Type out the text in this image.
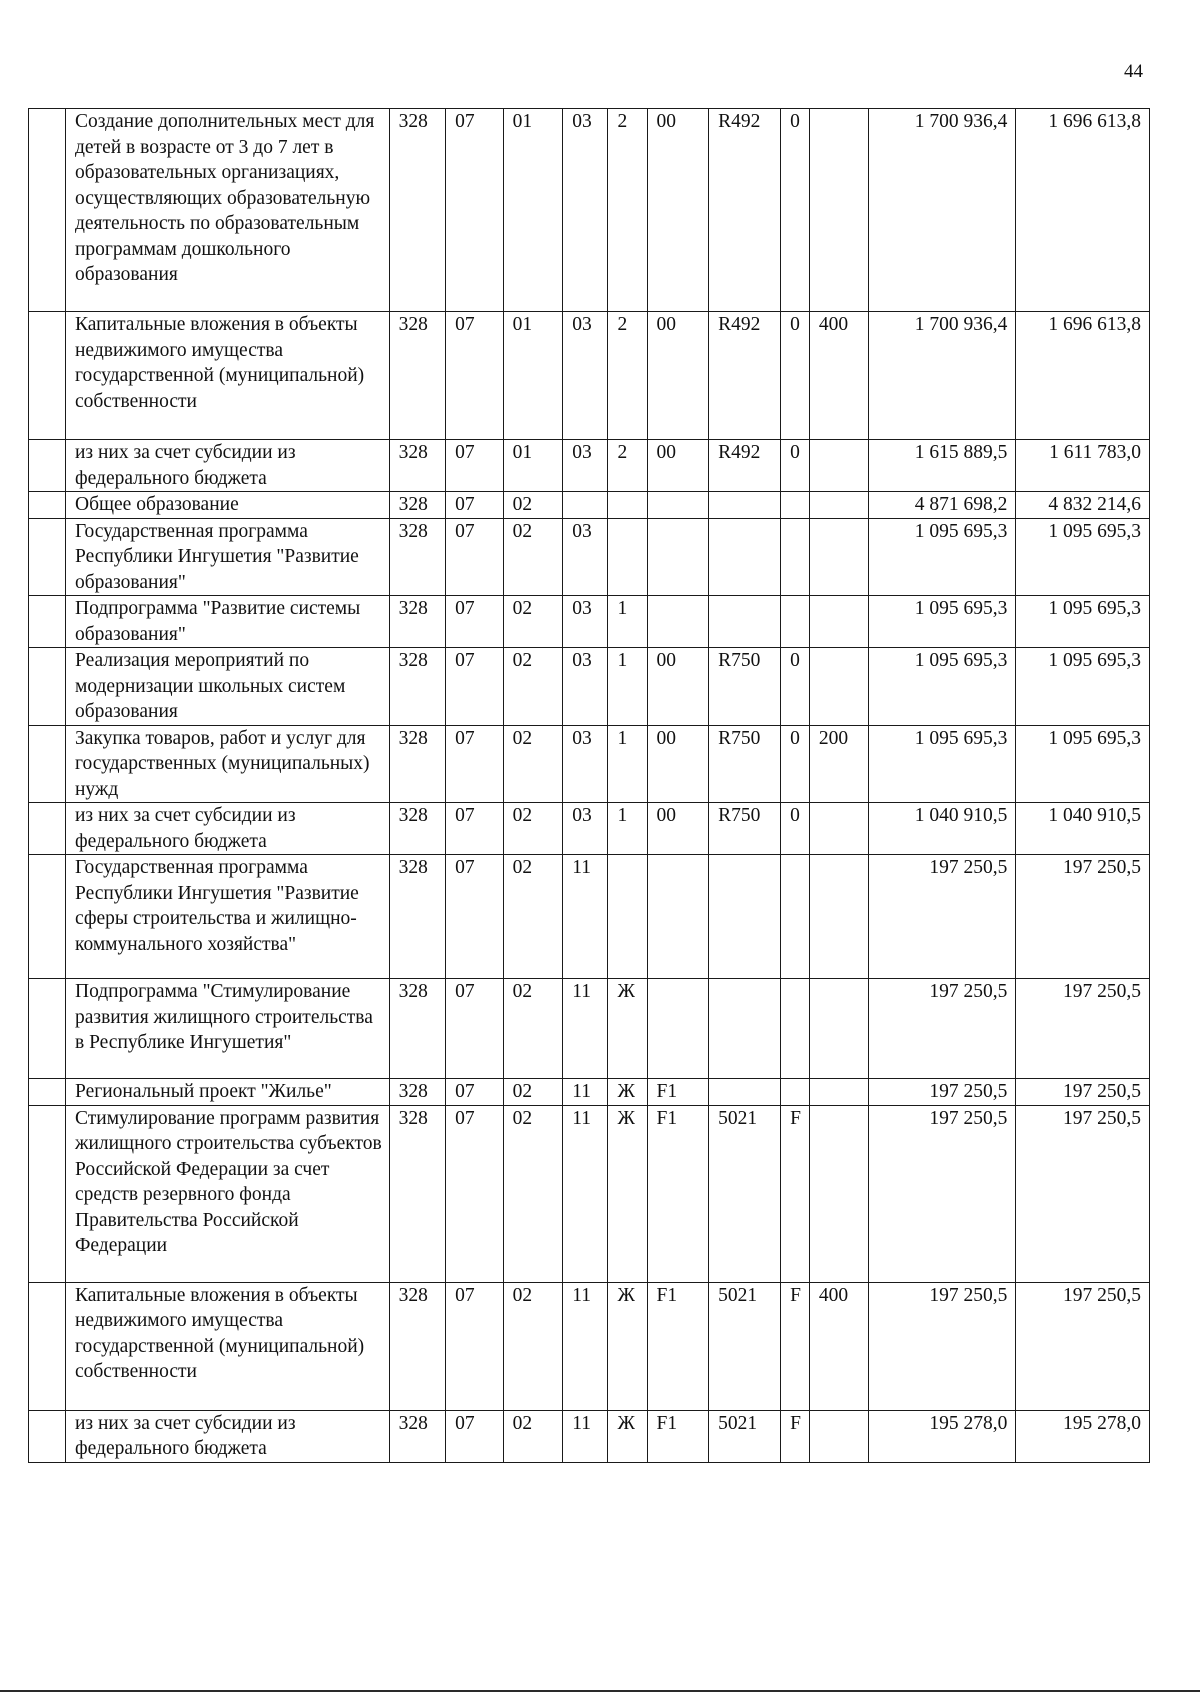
44
	Создание дополнительных мест для детей в возрасте от 3 до 7 лет в образовательных организациях, осуществляющих образовательную деятельность по образовательным программам дошкольного образования	328	07	01	03	2	00	R492	0		1 700 936,4	1 696 613,8
	Капитальные вложения в объекты недвижимого имущества государственной (муниципальной) собственности	328	07	01	03	2	00	R492	0	400	1 700 936,4	1 696 613,8
	из них за счет субсидии из федерального бюджета	328	07	01	03	2	00	R492	0		1 615 889,5	1 611 783,0
	Общее образование	328	07	02							4 871 698,2	4 832 214,6
	Государственная программа Республики Ингушетия "Развитие образования"	328	07	02	03						1 095 695,3	1 095 695,3
	Подпрограмма "Развитие системы образования"	328	07	02	03	1					1 095 695,3	1 095 695,3
	Реализация мероприятий по модернизации школьных систем образования	328	07	02	03	1	00	R750	0		1 095 695,3	1 095 695,3
	Закупка товаров, работ и услуг для государственных (муниципальных) нужд	328	07	02	03	1	00	R750	0	200	1 095 695,3	1 095 695,3
	из них за счет субсидии из федерального бюджета	328	07	02	03	1	00	R750	0		1 040 910,5	1 040 910,5
	Государственная программа Республики Ингушетия "Развитие сферы строительства и жилищно-коммунального хозяйства"	328	07	02	11						197 250,5	197 250,5
	Подпрограмма "Стимулирование развития жилищного строительства в Республике Ингушетия"	328	07	02	11	Ж					197 250,5	197 250,5
	Региональный проект "Жилье"	328	07	02	11	Ж	F1				197 250,5	197 250,5
	Стимулирование программ развития жилищного строительства субъектов Российской Федерации за счет средств резервного фонда Правительства Российской Федерации	328	07	02	11	Ж	F1	5021	F		197 250,5	197 250,5
	Капитальные вложения в объекты недвижимого имущества государственной (муниципальной) собственности	328	07	02	11	Ж	F1	5021	F	400	197 250,5	197 250,5
	из них за счет субсидии из федерального бюджета	328	07	02	11	Ж	F1	5021	F		195 278,0	195 278,0
